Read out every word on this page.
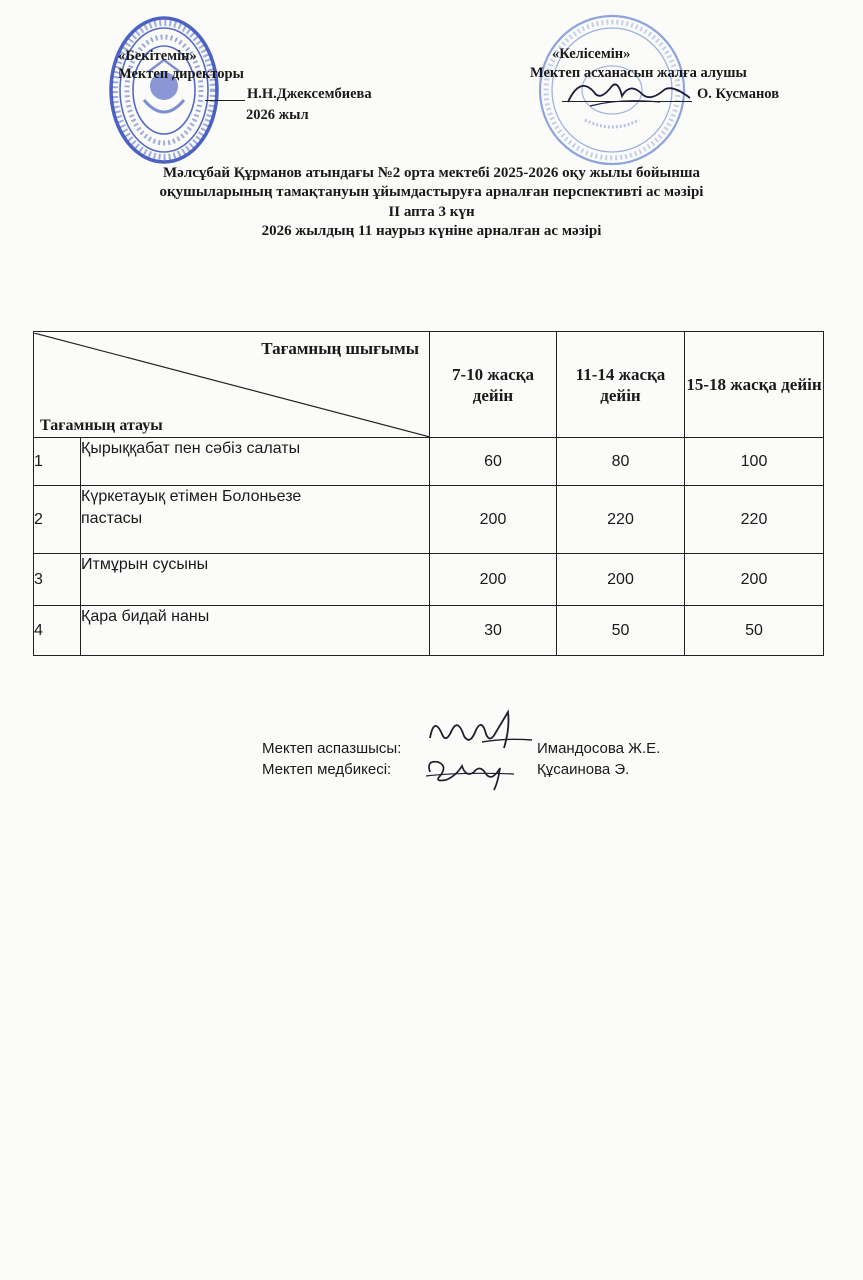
«Бекітемін»
Мектеп директоры
Н.Н.Джексембиева
2026 жыл
«Келісемін»
Мектеп асханасын жалға алушы
О. Кусманов
Мәлсұбай Құрманов атындағы №2 орта мектебі 2025-2026 оқу жылы бойынша
оқушыларының тамақтануын ұйымдастыруға арналған перспективті ас мәзірі
II апта 3 күн
2026 жылдың 11 наурыз күніне арналған ас мәзірі
Тағамның шығымы
Тағамның атауы		7-10 жасқа дейін	11-14 жасқа дейін	15-18 жасқа дейін
1	Қырыққабат пен сәбіз салаты	60	80	100
2	Күркетауық етімен Болоньезе пастасы	200	220	220
3	Итмұрын сусыны	200	200	200
4	Қара бидай наны	30	50	50
Мектеп аспазшысы:
Мектеп медбикесі:
Имандосова Ж.Е.
Құсаинова Э.
